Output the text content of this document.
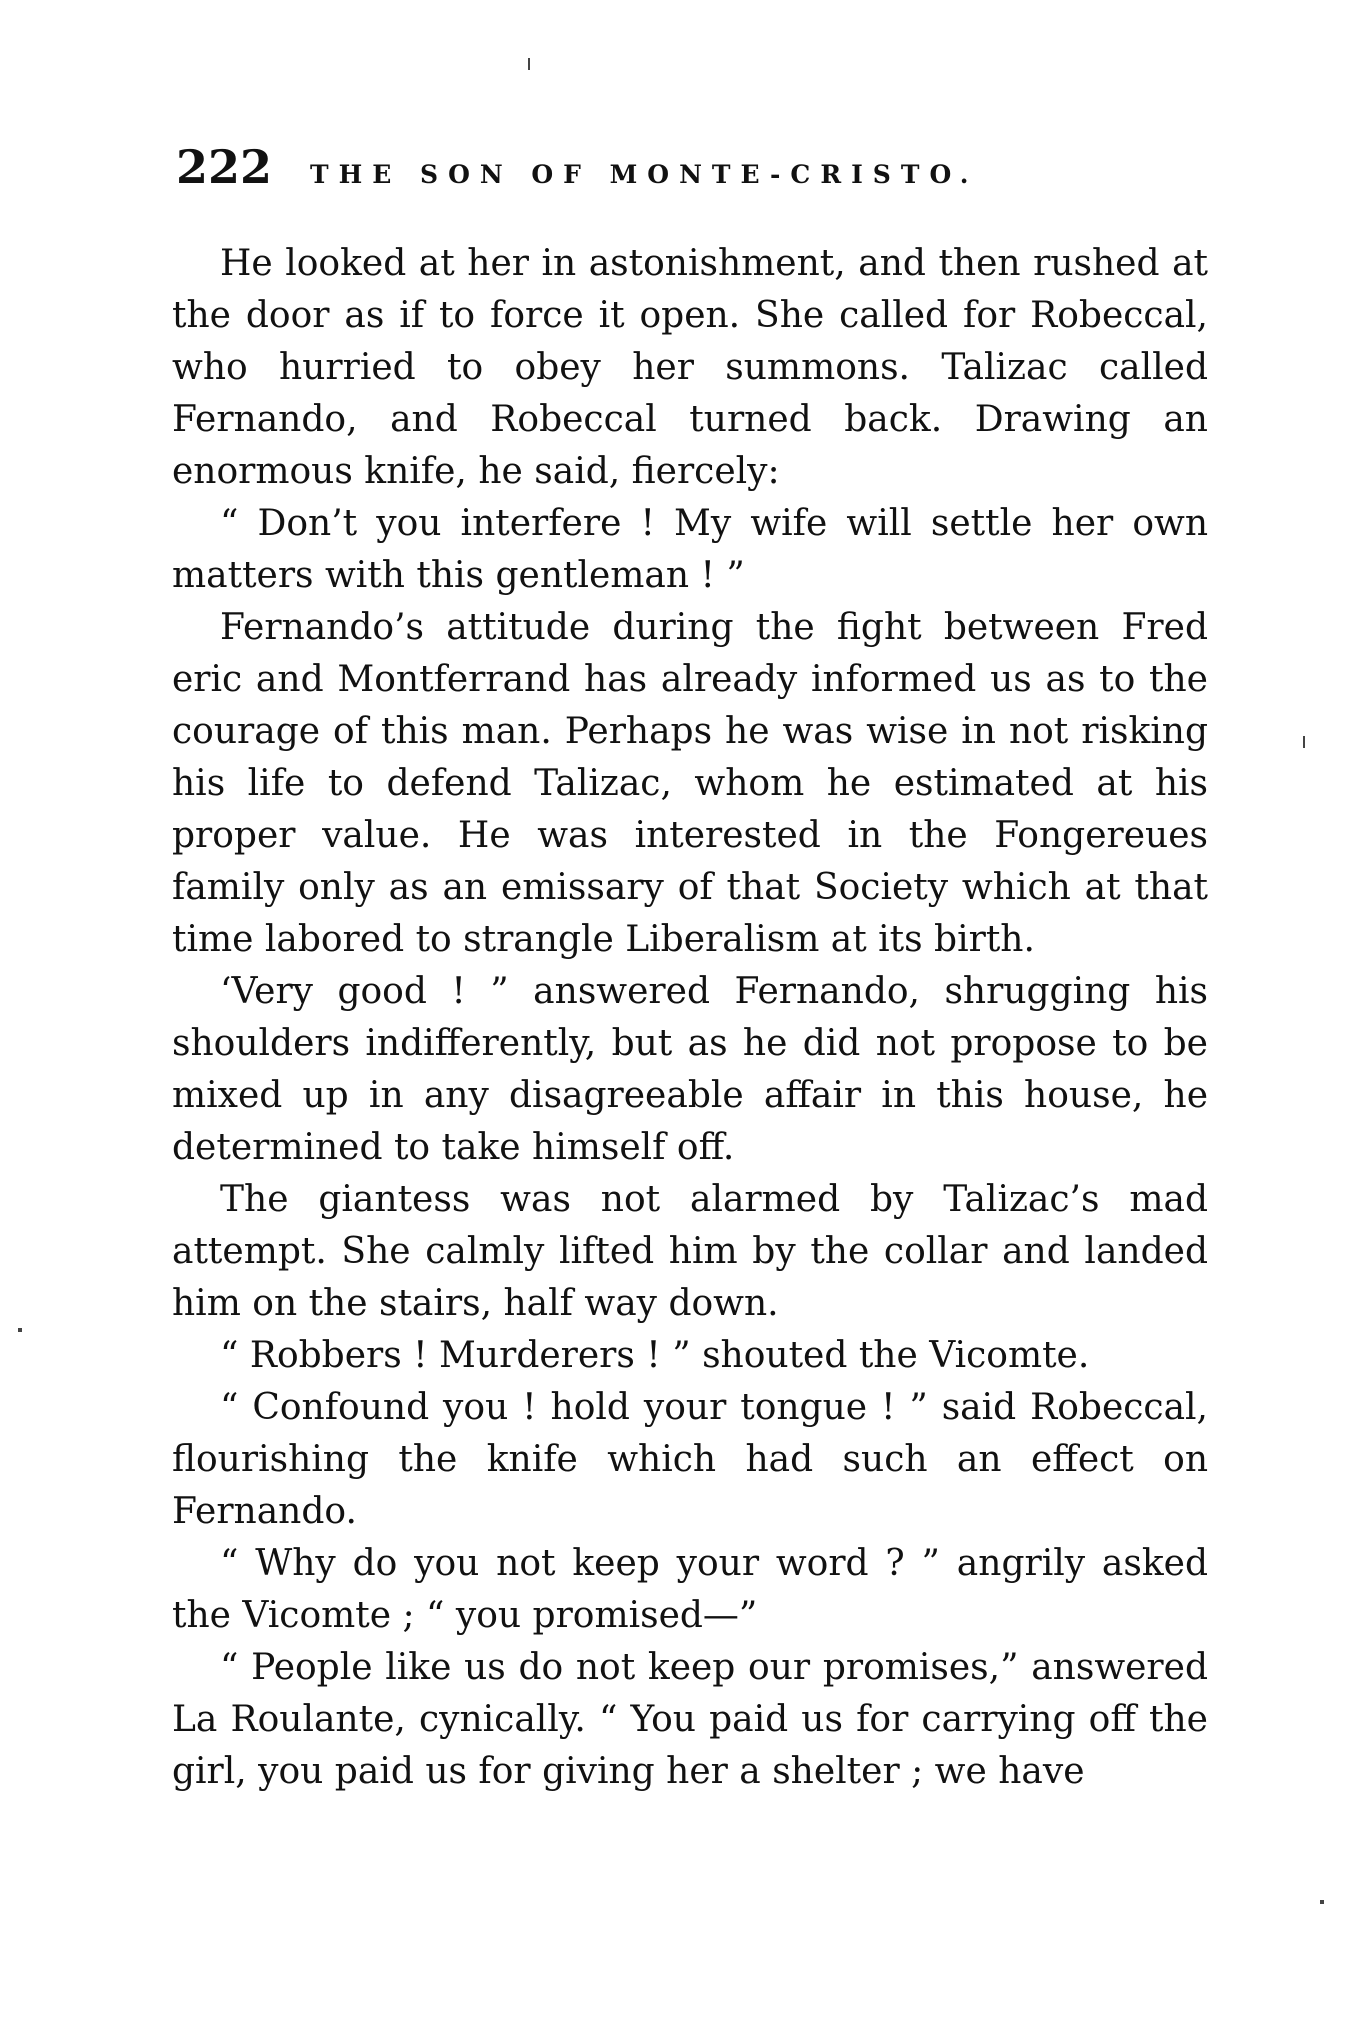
222 THE SON OF MONTE-CRISTO.

He looked at her in astonishment, and then rushed at the door as if to force it open. She called for Robeccal, who hurried to obey her summons. Talizac called Fernando, and Robeccal turned back. Drawing an enormous knife, he said, fiercely:

“ Don’t you interfere ! My wife will settle her own matters with this gentleman ! ”

Fernando’s attitude during the fight between Fred eric and Montferrand has already informed us as to the courage of this man. Perhaps he was wise in not risking his life to defend Talizac, whom he estimated at his proper value. He was interested in the Fongereues family only as an emissary of that Society which at that time labored to strangle Liberalism at its birth.

‘Very good ! ” answered Fernando, shrugging his shoulders indifferently, but as he did not propose to be mixed up in any disagreeable affair in this house, he determined to take himself off.

The giantess was not alarmed by Talizac’s mad attempt. She calmly lifted him by the collar and landed him on the stairs, half way down.

“ Robbers ! Murderers ! ” shouted the Vicomte.

“ Confound you ! hold your tongue ! ” said Robeccal, flourishing the knife which had such an effect on Fernando.

“ Why do you not keep your word ? ” angrily asked the Vicomte ; “ you promised—”

“ People like us do not keep our promises,” answered La Roulante, cynically. “ You paid us for carrying off the girl, you paid us for giving her a shelter ; we have
